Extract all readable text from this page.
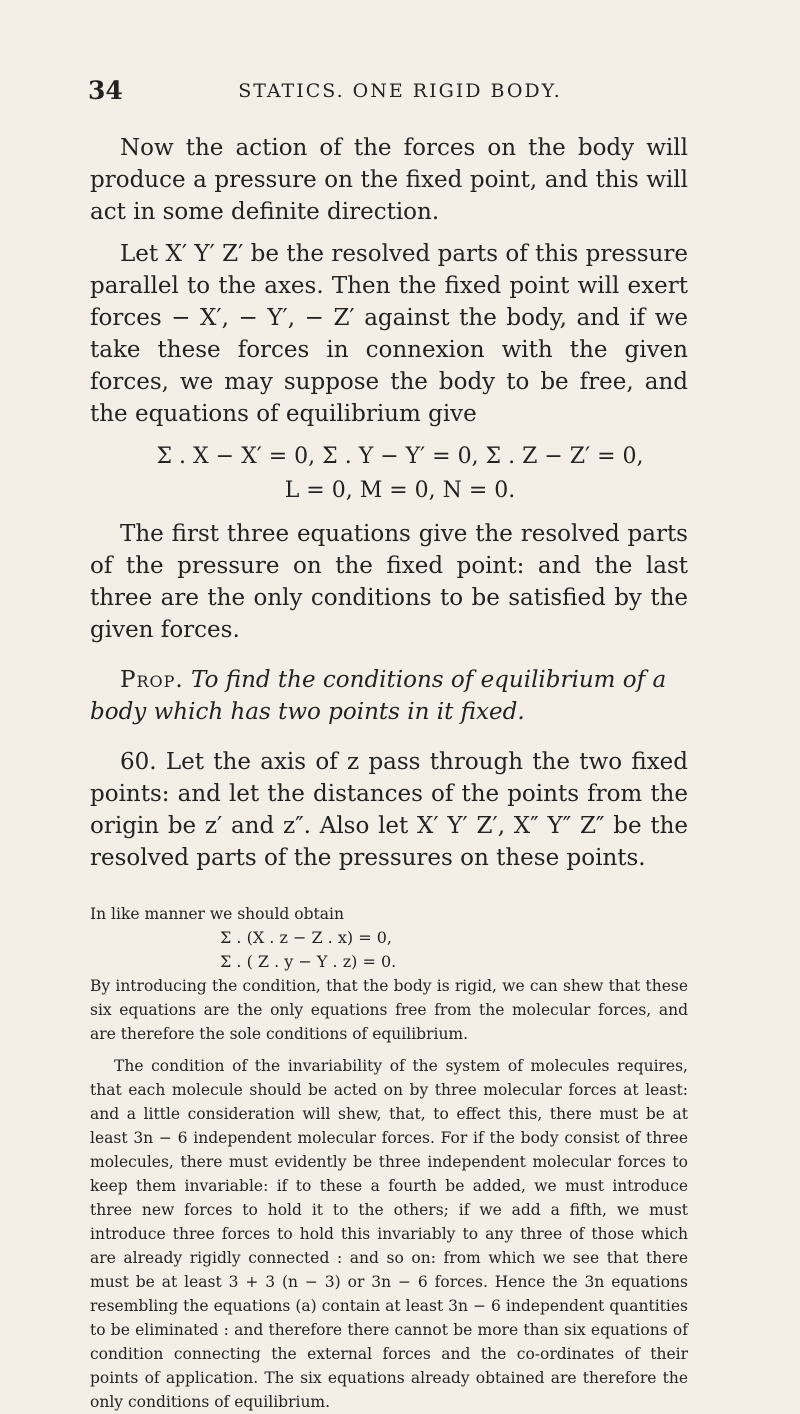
34	STATICS. ONE RIGID BODY.

Now the action of the forces on the body will produce a pressure on the fixed point, and this will act in some definite direction.

Let X′ Y′ Z′ be the resolved parts of this pressure parallel to the axes. Then the fixed point will exert forces − X′, − Y′, − Z′ against the body, and if we take these forces in connexion with the given forces, we may suppose the body to be free, and the equations of equilibrium give

Σ . X − X′ = 0, Σ . Y − Y′ = 0, Σ . Z − Z′ = 0,
L = 0, M = 0, N = 0.

The first three equations give the resolved parts of the pressure on the fixed point: and the last three are the only conditions to be satisfied by the given forces.

Prop. To find the conditions of equilibrium of a body which has two points in it fixed.

60. Let the axis of z pass through the two fixed points: and let the distances of the points from the origin be z′ and z″. Also let X′ Y′ Z′, X″ Y″ Z″ be the resolved parts of the pressures on these points.

In like manner we should obtain

Σ . (X . z − Z . x) = 0,

Σ . ( Z . y − Y . z) = 0.

By introducing the condition, that the body is rigid, we can shew that these six equations are the only equations free from the molecular forces, and are therefore the sole conditions of equilibrium.

The condition of the invariability of the system of molecules requires, that each molecule should be acted on by three molecular forces at least: and a little consideration will shew, that, to effect this, there must be at least 3n − 6 independent molecular forces. For if the body consist of three molecules, there must evidently be three independent molecular forces to keep them invariable: if to these a fourth be added, we must introduce three new forces to hold it to the others; if we add a fifth, we must introduce three forces to hold this invariably to any three of those which are already rigidly connected : and so on: from which we see that there must be at least 3 + 3 (n − 3) or 3n − 6 forces. Hence the 3n equations resembling the equations (a) contain at least 3n − 6 independent quantities to be eliminated : and therefore there cannot be more than six equations of condition connecting the external forces and the co-ordinates of their points of application. The six equations already obtained are therefore the only conditions of equilibrium.
